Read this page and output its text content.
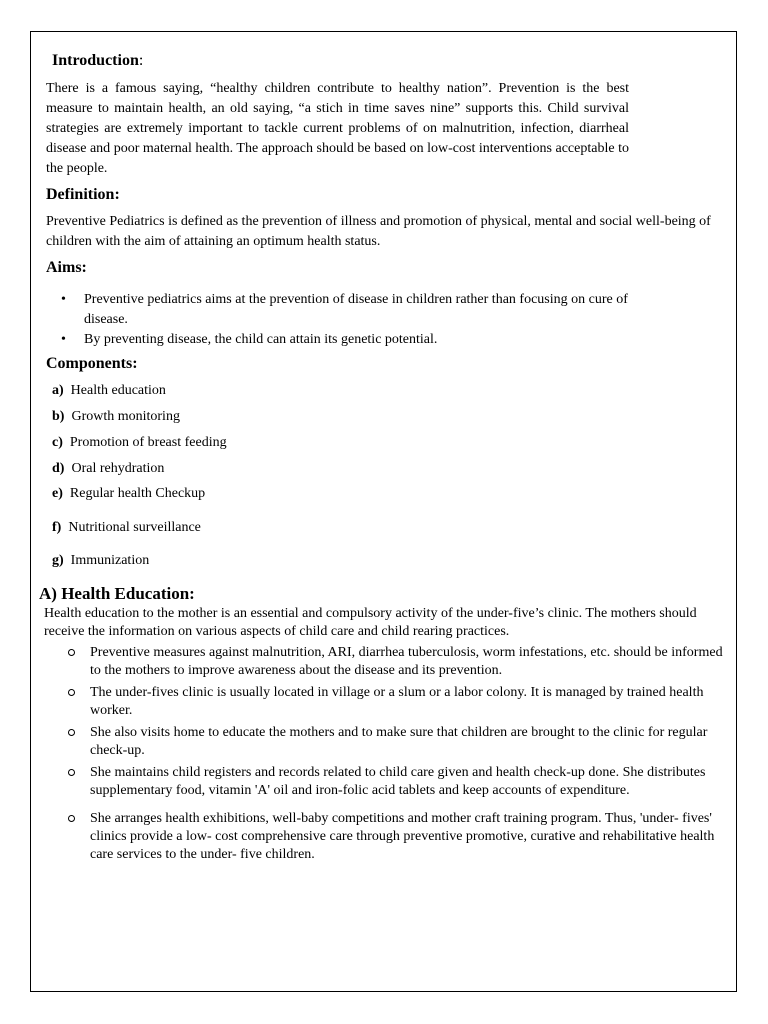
Introduction:
There is a famous saying, “healthy children contribute to healthy nation”. Prevention is the best measure to maintain health, an old saying, “a stich in time saves nine” supports this. Child survival strategies are extremely important to tackle current problems of on malnutrition, infection, diarrheal disease and poor maternal health. The approach should be based on low-cost interventions acceptable to the people.
Definition:
Preventive Pediatrics is defined as the prevention of illness and promotion of physical, mental and social well-being of children with the aim of attaining an optimum health status.
Aims:
• Preventive pediatrics aims at the prevention of disease in children rather than focusing on cure of disease.
• By preventing disease, the child can attain its genetic potential.
Components:
a) Health education
b) Growth monitoring
c) Promotion of breast feeding
d) Oral rehydration
e) Regular health Checkup
f) Nutritional surveillance
g) Immunization
A) Health Education:
Health education to the mother is an essential and compulsory activity of the under-five’s clinic. The mothers should receive the information on various aspects of child care and child rearing practices.
Preventive measures against malnutrition, ARI, diarrhea tuberculosis, worm infestations, etc. should be informed to the mothers to improve awareness about the disease and its prevention.
The under-fives clinic is usually located in village or a slum or a labor colony. It is managed by trained health worker.
She also visits home to educate the mothers and to make sure that children are brought to the clinic for regular check-up.
She maintains child registers and records related to child care given and health check-up done. She distributes supplementary food, vitamin 'A' oil and iron-folic acid tablets and keep accounts of expenditure.
She arranges health exhibitions, well-baby competitions and mother craft training program. Thus, 'under- fives' clinics provide a low- cost comprehensive care through preventive promotive, curative and rehabilitative health care services to the under- five children.
